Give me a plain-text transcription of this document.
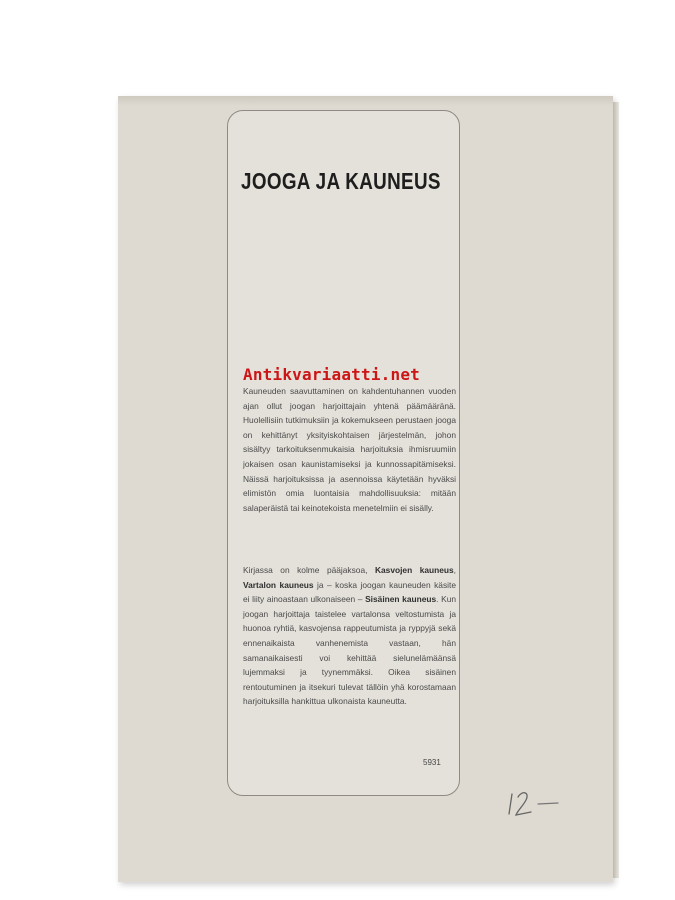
JOOGA JA KAUNEUS
Antikvariaatti.net
Kauneuden saavuttaminen on kahdentuhannen vuoden ajan ollut joogan harjoittajain yhtenä päämääränä. Huolellisiin tutkimuksiin ja kokemukseen perustaen jooga on kehittänyt yksityiskohtaisen järjestelmän, johon sisältyy tarkoituksenmukaisia harjoituksia ihmisruumiin jokaisen osan kaunistamiseksi ja kunnossapitämiseksi. Näissä harjoituksissa ja asennoissa käytetään hyväksi elimistön omia luontaisia mahdollisuuksia: mitään salaperäistä tai keinotekoista menetelmiin ei sisälly.
Kirjassa on kolme pääjaksoa, Kasvojen kauneus, Vartalon kauneus ja – koska joogan kauneuden käsite ei liity ainoastaan ulkonaiseen – Sisäinen kauneus. Kun joogan harjoittaja taistelee vartalonsa veltostumista ja huonoa ryhtiä, kasvojensa rappeutumista ja ryppyjä sekä ennenaikaista vanhenemista vastaan, hän samanaikaisesti voi kehittää sielunelämäänsä lujemmaksi ja tyynemmäksi. Oikea sisäinen rentoutuminen ja itsekuri tulevat tällöin yhä korostamaan harjoituksilla hankittua ulkonaista kauneutta.
5931
